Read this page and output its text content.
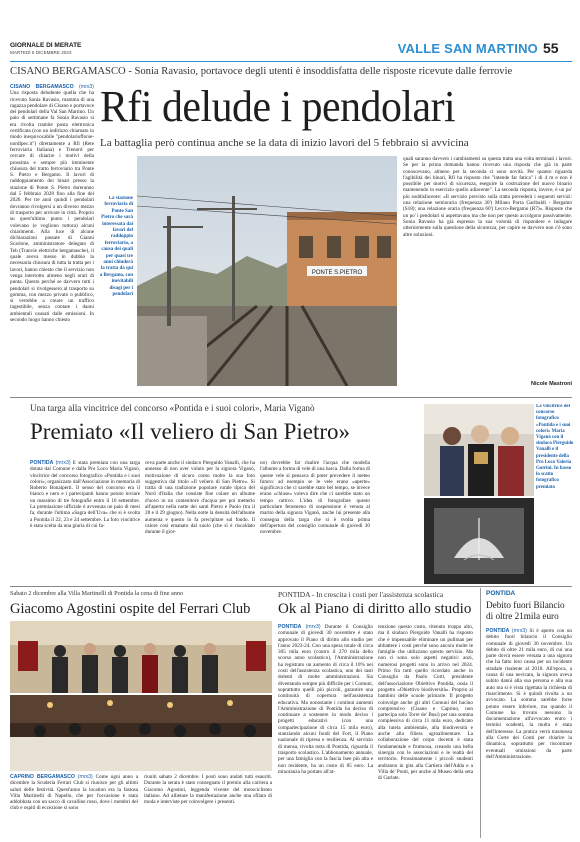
GIORNALE DI MERATE
MARTEDÌ 5 DICEMBRE 2023	VALLE SAN MARTINO 55
CISANO BERGAMASCO - Sonia Ravasio, portavoce degli utenti è insoddisfatta delle risposte ricevute dalle ferrovie
Rfi delude i pendolari
La battaglia però continua anche se la data di inizio lavori del 5 febbraio si avvicina
CISANO BERGAMASCO (mrx3) Una risposta deludente quella che ha ricevuto Sonia Ravasio, mamma di una ragazza pendolare di Cisano e portavoce dei pendolari della Val San Martino. Un paio di settimane fa Sonia Ravasio si era rivolta tramite posta elettronica certificata (con un indirizzo chiamato in modo inequivocabile "pendolariofforse-nordlpec.it") direttamente a Rfi (Rete ferroviaria Italiana) e Trenord per cercare di chiarire i motivi della prossima e sempre più imminente chiusura del tratto ferroviario tra Ponte S. Pietro e Bergamo. Il lavori di raddoppiamento dei binari presso la stazione di Ponte S. Pietro dureranno dal 5 febbraio 2028 fino alla fine del 2026. Per tre anni quindi i pendolari dovranno rivolgersi a un diverso mezzo di trasporto per arrivare in città. Proprio su quest'ultimo punto i pendolari volevano (e vogliono tuttora) alcuni chiarimenti. Alla luce di alcune dichiarazioni passate di Gianni Scarlone, amministratore delegato di Teb (Tranvie elettriche bergamasche), il quale aveva messo in dubbio la necessaria chiusura di tutta la tratta per i lavori, hanno chiesto che il servizio non venga interrotto almeno negli orari di punta. Questo perché se davvero tutti i pendolari si rivolgessero al trasporto su gomma, con mezzo privato o pubblico, si verrebbe a creare un traffico ingestibile, senza contare i danni ambientali causati dalle emissioni. In secondo luogo hanno chiesto
La stazione ferroviaria di Ponte San Pietro che sarà interessata dai lavori del raddoppio ferroviario, a causa dei quali per quasi tre anni chiuderà la tratta da qui a Bergamo, con inevitabili disagi per i pendolari
PONTE S.PIETRO
quali saranno davvero i cambiamenti su questa tratta una volta terminati i lavori. Se per la prima domanda hanno ricevuto una risposta che già in parte conoscevano, almeno per la seconda ci sono novità. Per quanto riguarda l'agibilità dei binari, Rfi ha risposto che "intende far fatica" i di 4 m e non è possibile per motivi di sicurezza, eseguire la costruzione del nuovo binario mantenendo in esercizio quello adiacente". La seconda risposta, invece, è un po' più soddisfacente: «Il servizio previsto sulla tratta prevederà i seguenti servizi: una relazione semioraria (frequenza 30') Milano Porta Garibaldi - Bergamo (S18); una relazione oraria (frequenza 60') Lecco-Bergamo (R7)». Risposte che un po' i pendolari si aspettavano ma che non per questo accolgono passivamente. Sonia Ravasio ha già espresso la sua volontà di rispondere e indagare ulteriormente sulla questione della sicurezza, per capire se davvero non c'è sono altre soluzioni.
Nicole Mastroni
Una targa alla vincitrice del concorso «Pontida e i suoi colori», Maria Viganò
Premiato «Il veliero di San Pietro»
PONTIDA (mrx3) È stata premiata con una targa dotata dal Comune e dalla Pro Loco Maria Viganò, vincitrice del concorso fotografico «Pontida e i suoi colori», organizzato dall'Associazione in memoria di Roberto Bonaiperti. Il senso del concorso era il bianco e nero e i partecipanti hanno potuto inviare un massimo di tre fotografie entro il 16 settembre. La premiazione ufficiale è avvenuta un paio di mesi fa, durante l'ultima «Sagra dell'Uva» che si è svolta a Pontida il 22, 23 e 24 settembre. La foto vincitrice è stata scelta da una giuria di cui fa-
ceva parte anche il sindaco Pierguido Vanalli, che ha annesso di non aver voluto per la signora Viganò, motivazione di sicuro conto molto la sua foto suggestiva dal titolo «Il veliero di San Pietro». Si tratta di una tradizione popolare rurale tipica del Nord d'Italia che consiste fine colare un albume d'uovo in un contenitore d'acqua per poi metterlo all'aperto nella notte dei santi Pietro e Paolo (tra il 28 e il 29 giugno). Nella notte la densità dell'albume aumenta e questo lo fa precipitare sul fondo. Il calore così emanato dal suolo (che si è riscaldato durante il gior-
no) dovrebbe far risalire l'acqua che modella l'albume a forma di vele di una barca. Dalla forma di queste vele si pensava di poter prevedere il meteo futuro: ad esempio se le vele erano «aperte» significava che ci sarebbe stato bel tempo, se invece erano «chiuse» voleva dire che ci sarebbe stato un tempo cattivo. L'idea di fotografare questo particolare fenomeno di sospensione è venuta al marito della signora Viganò, anche lui presente alla consegna della targa che si è svolta prima dell'apertura del consiglio comunale di giovedì 30 novembre.
La vincitrice del concorso fotografico «Pontida e i suoi colori» Maria Viganò con il sindaco Pierguido Vanalli e il presidente della Pro Loco Valeria Gotrini. In basso lo scatto fotografico premiato
Sabato 2 dicembre alla Villa Martinelli di Pontida la cena di fine anno
Giacomo Agostini ospite del Ferrari Club
CAPRINO BERGAMASCO (mrx3) Come ogni anno a dicembre la Scuderia Ferrari Club si riunisce per gli ultimi saluti delle festività. Quest'anno la location era la fastosa Villa Martinelli di Napello, che per l'occasione è stata addobbata con un sacco di cavalline rossi, dove i membri del club e ospiti di eccezione si sono
riuniti sabato 2 dicembre. I posti sono andati tutti esauriti. Durante la serata è stato consegnato il premio alla carriera a Giacomo Agostini, leggenda vivente del motociclismo italiano. Ad allietare la manifestazione anche una sfilata di moda e interviste per coinvolgere i presenti.
PONTIDA - In crescita i costi per l'assistenza scolastica
Ok al Piano di diritto allo studio
PONTIDA (mrx3) Durante il Consiglio comunale di giovedì 30 novembre è stato approvato il Piano di diritto allo studio per l'anno 2023-24. Con una spesa totale di circa 305 mila euro (contro il 270 mila dello scorso anno scolastico), l'Amministrazione ha registrato un aumento di circa il 10% nei costi dell'assistenza scolastica, uno dei tasti dolenti di molte amministrazioni. Sia diventando sempre più difficile per i Comuni, soprattutto quelli più piccoli, garantire una continuità di copertura nell'assistenza educativa. Ma nonostante i continui aumenti l'Amministrazione di Pontida ha deciso di continuare a sostenere in modo deciso i progetti educativi (con una compartecipazione di circa 15 mila euro), stanziando alcuni fondi del Fort, il Piano nazionale di ripresa e resilienza. Al servizio di mensa, rivolta tutta di Pontida, riguarda il trasporto scolastico. L'abbonamento annuale, per una famiglia con la fascia Isee più alta e non residente, ha un costo di 85 euro. La minoranza ha portato all'at-
tenzione questo costo, ritenuto troppo alto, ma il sindaco Pierguido Vanalli ha risposto che è impensabile eliminare un pullman per abbattere i costi perché sono ancora molte le famiglie che utilizzano questo servizio. Ma non ci sono solo aspetti negativi: anzi, numerosi progetti sono in arrivo nel 2024. Primo fra tutti quello ricordato anche in Consiglio da Paolo Corti, presidente dell'associazione Obiettivo Pontida, ossia il progetto «Obiettivo biodiversità». Proprio ai bambini delle scuole primarie. Il progetto coinvolge anche gli altri Comuni del bacino comprensivo (Cisano e Caprino, non partecipa solo Torre de' Busi) per una somma complessiva di circa 11 mila euro, dedicato alla tutela ambientale, alla biodiversità e anche alla filiera agroalimentare. La collaborazione del corpo docenti è stata fondamentale e fruttuosa, creando una bella sinergia con le associazioni e le realtà del territorio. Prossimamente i piccoli studenti andranno in gita alla Cartiera dell'Adda e a Villa de' Ponti, per anche al Museo della seta di Garlate.
PONTIDA
Debito fuori Bilancio di oltre 21mila euro
PONTIDA (mrx3) Si è aperto con un debito fuori bilancio il Consiglio comunale di giovedì 30 novembre. Un debito di oltre 21 mila euro, di cui una parte dovrà essere versata a una signora che ha fatto loro causa per un incidente stradale risalente al 2018. All'epoca, a causa di una nevicata, la signora aveva subito danni alla sua persona e alla sua auto ma si è vista rigettata la richiesta di risarcimento. Si è quindi rivolta a un avvocato. La somma sarebbe forse potuto essere inferiore, ma quando il Comune ha trovato nessuno la documentazione all'avvocato entro i termini scadenti, la multa è stata dell'interesse. La pratica verrà trasmessa alla Corte dei Conti per chiarire la dinamica, soprattutto per riscontrare eventuali omissioni da parte dell'Amministrazione.
